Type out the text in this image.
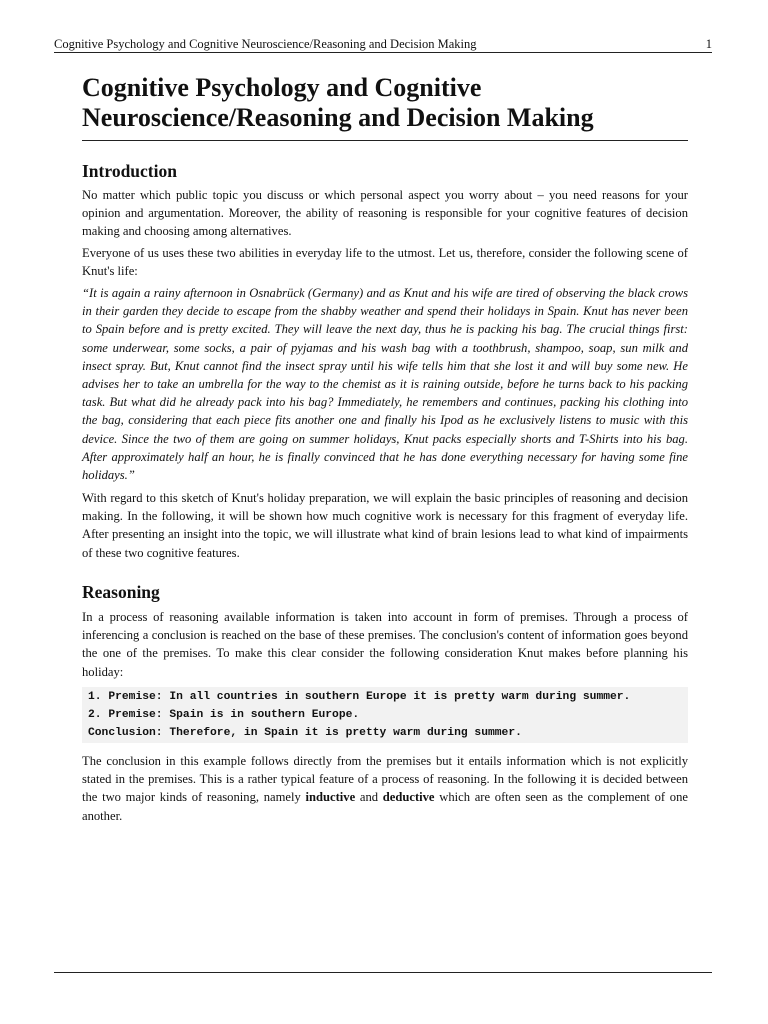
Cognitive Psychology and Cognitive Neuroscience/Reasoning and Decision Making	1
Cognitive Psychology and Cognitive Neuroscience/Reasoning and Decision Making
Introduction

No matter which public topic you discuss or which personal aspect you worry about – you need reasons for your opinion and argumentation. Moreover, the ability of reasoning is responsible for your cognitive features of decision making and choosing among alternatives.

Everyone of us uses these two abilities in everyday life to the utmost. Let us, therefore, consider the following scene of Knut's life:

“It is again a rainy afternoon in Osnabrück (Germany) and as Knut and his wife are tired of observing the black crows in their garden they decide to escape from the shabby weather and spend their holidays in Spain. Knut has never been to Spain before and is pretty excited. They will leave the next day, thus he is packing his bag. The crucial things first: some underwear, some socks, a pair of pyjamas and his wash bag with a toothbrush, shampoo, soap, sun milk and insect spray. But, Knut cannot find the insect spray until his wife tells him that she lost it and will buy some new. He advises her to take an umbrella for the way to the chemist as it is raining outside, before he turns back to his packing task. But what did he already pack into his bag? Immediately, he remembers and continues, packing his clothing into the bag, considering that each piece fits another one and finally his Ipod as he exclusively listens to music with this device. Since the two of them are going on summer holidays, Knut packs especially shorts and T-Shirts into his bag. After approximately half an hour, he is finally convinced that he has done everything necessary for having some fine holidays.”

With regard to this sketch of Knut's holiday preparation, we will explain the basic principles of reasoning and decision making. In the following, it will be shown how much cognitive work is necessary for this fragment of everyday life. After presenting an insight into the topic, we will illustrate what kind of brain lesions lead to what kind of impairments of these two cognitive features.

Reasoning

In a process of reasoning available information is taken into account in form of premises. Through a process of inferencing a conclusion is reached on the base of these premises. The conclusion's content of information goes beyond the one of the premises. To make this clear consider the following consideration Knut makes before planning his holiday:

1. Premise: In all countries in southern Europe it is pretty warm during summer.
2. Premise: Spain is in southern Europe.
Conclusion: Therefore, in Spain it is pretty warm during summer.

The conclusion in this example follows directly from the premises but it entails information which is not explicitly stated in the premises. This is a rather typical feature of a process of reasoning. In the following it is decided between the two major kinds of reasoning, namely inductive and deductive which are often seen as the complement of one another.
